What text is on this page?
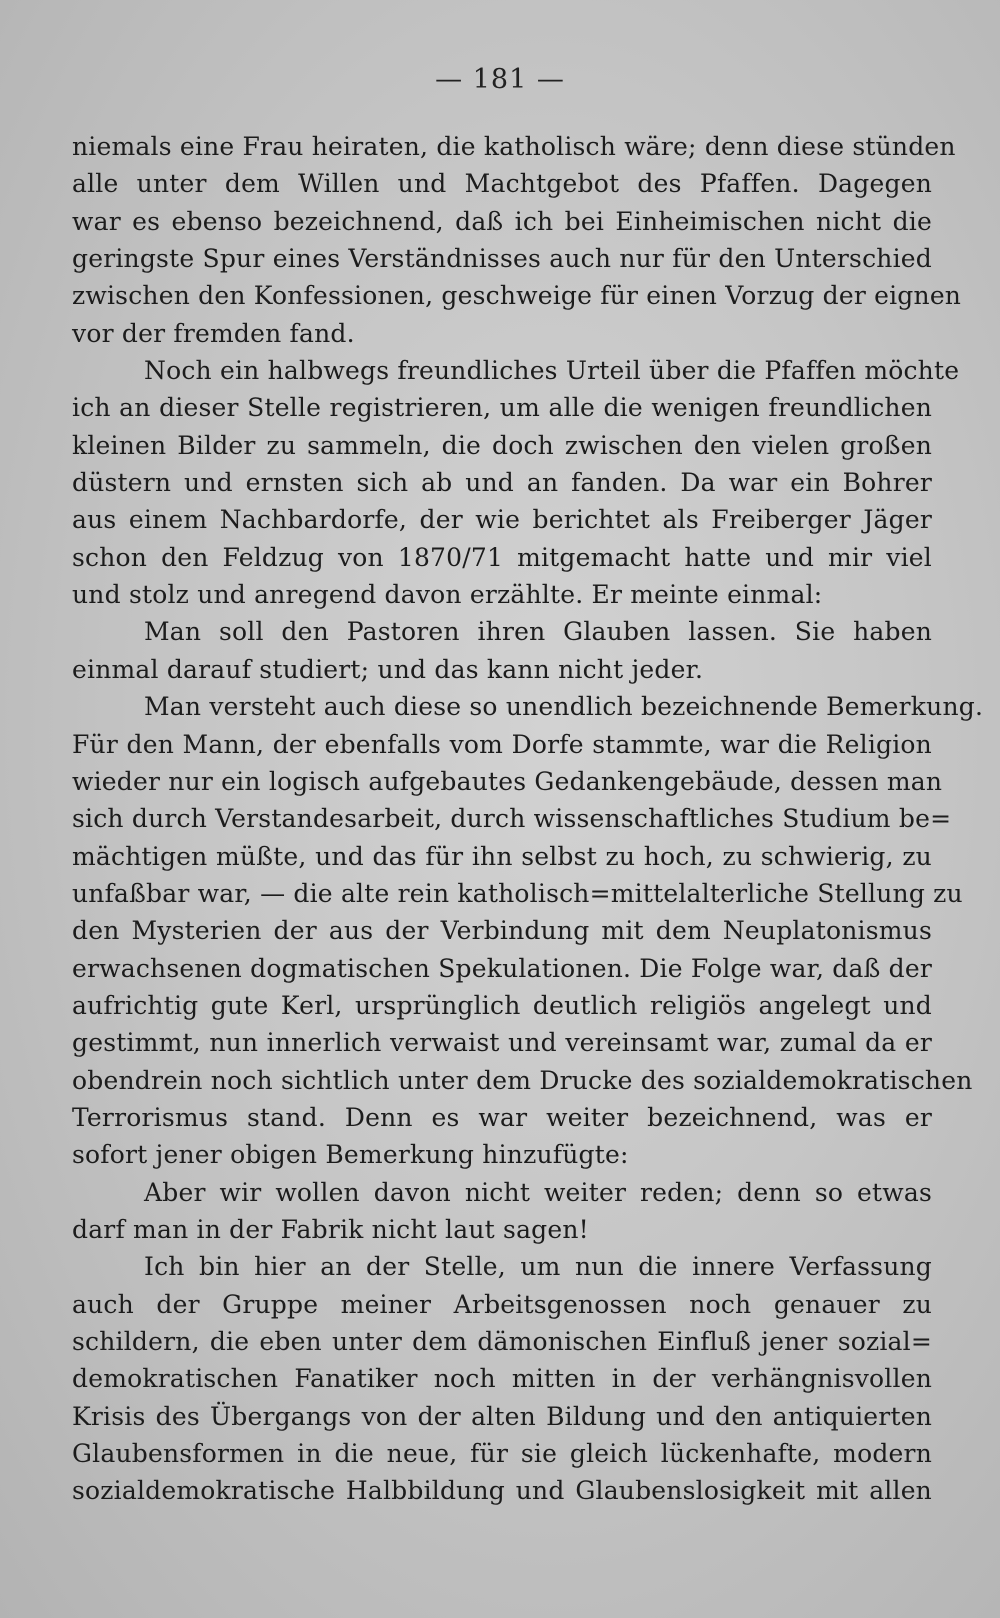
— 181 —
niemals eine Frau heiraten, die katholisch wäre; denn diese stünden
alle unter dem Willen und Machtgebot des Pfaffen. Dagegen
war es ebenso bezeichnend, daß ich bei Einheimischen nicht die
geringste Spur eines Verständnisses auch nur für den Unterschied
zwischen den Konfessionen, geschweige für einen Vorzug der eignen
vor der fremden fand.
Noch ein halbwegs freundliches Urteil über die Pfaffen möchte
ich an dieser Stelle registrieren, um alle die wenigen freundlichen
kleinen Bilder zu sammeln, die doch zwischen den vielen großen
düstern und ernsten sich ab und an fanden. Da war ein Bohrer
aus einem Nachbardorfe, der wie berichtet als Freiberger Jäger
schon den Feldzug von 1870/71 mitgemacht hatte und mir viel
und stolz und anregend davon erzählte. Er meinte einmal:
Man soll den Pastoren ihren Glauben lassen. Sie haben
einmal darauf studiert; und das kann nicht jeder.
Man versteht auch diese so unendlich bezeichnende Bemerkung.
Für den Mann, der ebenfalls vom Dorfe stammte, war die Religion
wieder nur ein logisch aufgebautes Gedankengebäude, dessen man
sich durch Verstandesarbeit, durch wissenschaftliches Studium be=
mächtigen müßte, und das für ihn selbst zu hoch, zu schwierig, zu
unfaßbar war, — die alte rein katholisch=mittelalterliche Stellung zu
den Mysterien der aus der Verbindung mit dem Neuplatonismus
erwachsenen dogmatischen Spekulationen. Die Folge war, daß der
aufrichtig gute Kerl, ursprünglich deutlich religiös angelegt und
gestimmt, nun innerlich verwaist und vereinsamt war, zumal da er
obendrein noch sichtlich unter dem Drucke des sozialdemokratischen
Terrorismus stand. Denn es war weiter bezeichnend, was er
sofort jener obigen Bemerkung hinzufügte:
Aber wir wollen davon nicht weiter reden; denn so etwas
darf man in der Fabrik nicht laut sagen!
Ich bin hier an der Stelle, um nun die innere Verfassung
auch der Gruppe meiner Arbeitsgenossen noch genauer zu
schildern, die eben unter dem dämonischen Einfluß jener sozial=
demokratischen Fanatiker noch mitten in der verhängnisvollen
Krisis des Übergangs von der alten Bildung und den antiquierten
Glaubensformen in die neue, für sie gleich lückenhafte, modern
sozialdemokratische Halbbildung und Glaubenslosigkeit mit allen
